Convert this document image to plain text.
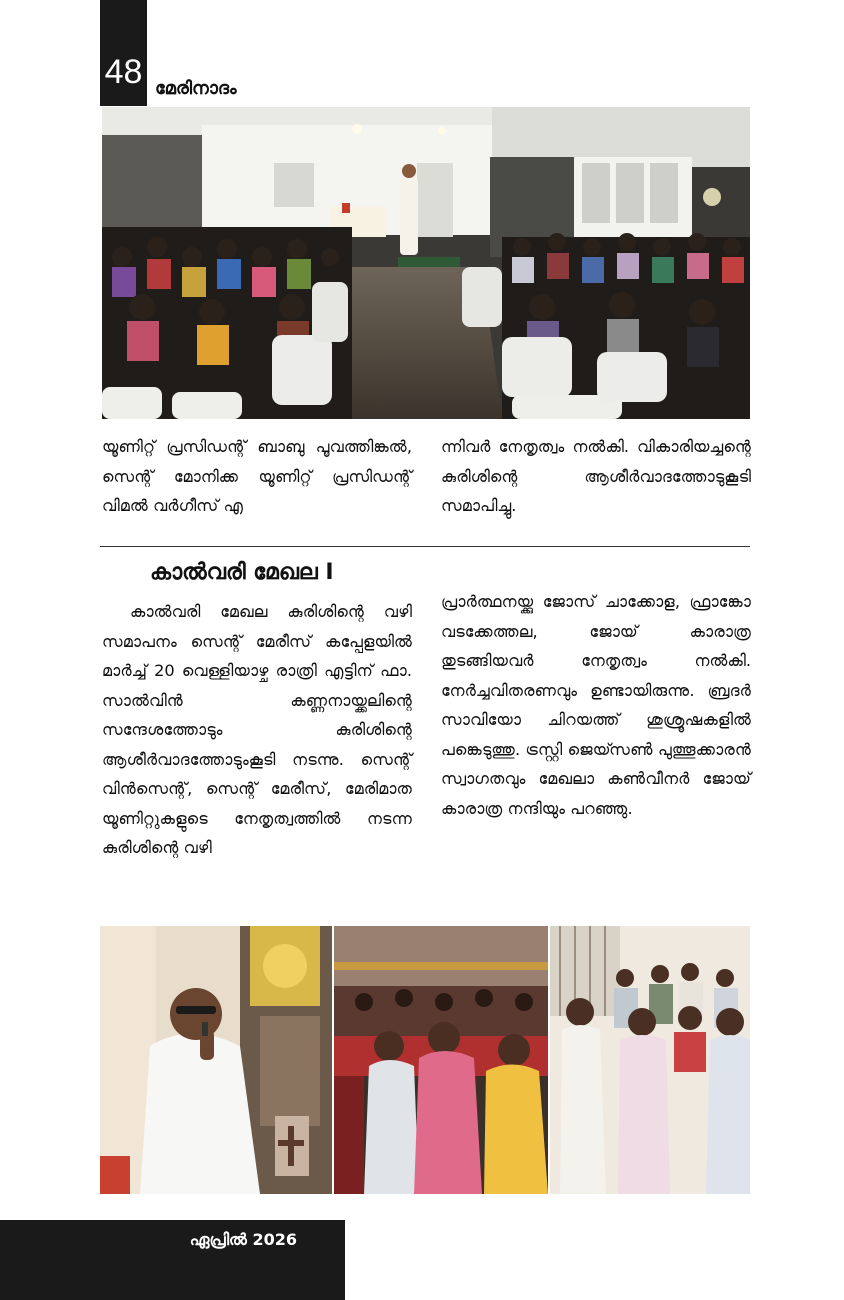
48 മേരിനാദം
യൂണിറ്റ് പ്രസിഡന്റ് ബാബു പൂവത്തിങ്കൽ, സെന്റ് മോനിക്ക യൂണിറ്റ് പ്രസിഡന്റ് വിമൽ വർഗീസ് എ
ന്നിവർ നേതൃത്വം നൽകി. വികാരിയച്ചന്റെ കുരിശിന്റെ ആശീർവാദത്തോടുകൂടി സമാപിച്ചു.
കാൽവരി മേഖല I
കാൽവരി മേഖല കുരിശിന്റെ വഴി സമാപനം സെന്റ് മേരീസ് കപ്പേളയിൽ മാർച്ച് 20 വെള്ളിയാഴ്ച രാത്രി എട്ടിന് ഫാ. സാൽവിൻ കണ്ണനായ്ക്കലിന്റെ സന്ദേശത്തോടും കുരിശിന്റെ ആശീർവാദത്തോടുംകൂടി നടന്നു. സെന്റ് വിൻസെന്റ്, സെന്റ് മേരീസ്, മേരിമാത യൂണിറ്റുകളുടെ നേതൃത്വത്തിൽ നടന്ന കുരിശിന്റെ വഴി
പ്രാർത്ഥനയ്ക്കു ജോസ് ചാക്കോള, ഫ്രാങ്കോ വടക്കേത്തല, ജോയ് കാരാത്ര തുടങ്ങിയവർ നേതൃത്വം നൽകി. നേർച്ചവിതരണവും ഉണ്ടായിരുന്നു. ബ്രദർ സാവിയോ ചിറയത്ത് ശുശ്രൂഷകളിൽ പങ്കെടുത്തു. ട്രസ്റ്റി ജെയ്സൺ പുത്തൂക്കാരൻ സ്വാഗതവും മേഖലാ കൺവീനർ ജോയ് കാരാത്ര നന്ദിയും പറഞ്ഞു.
ഏപ്രിൽ 2026
